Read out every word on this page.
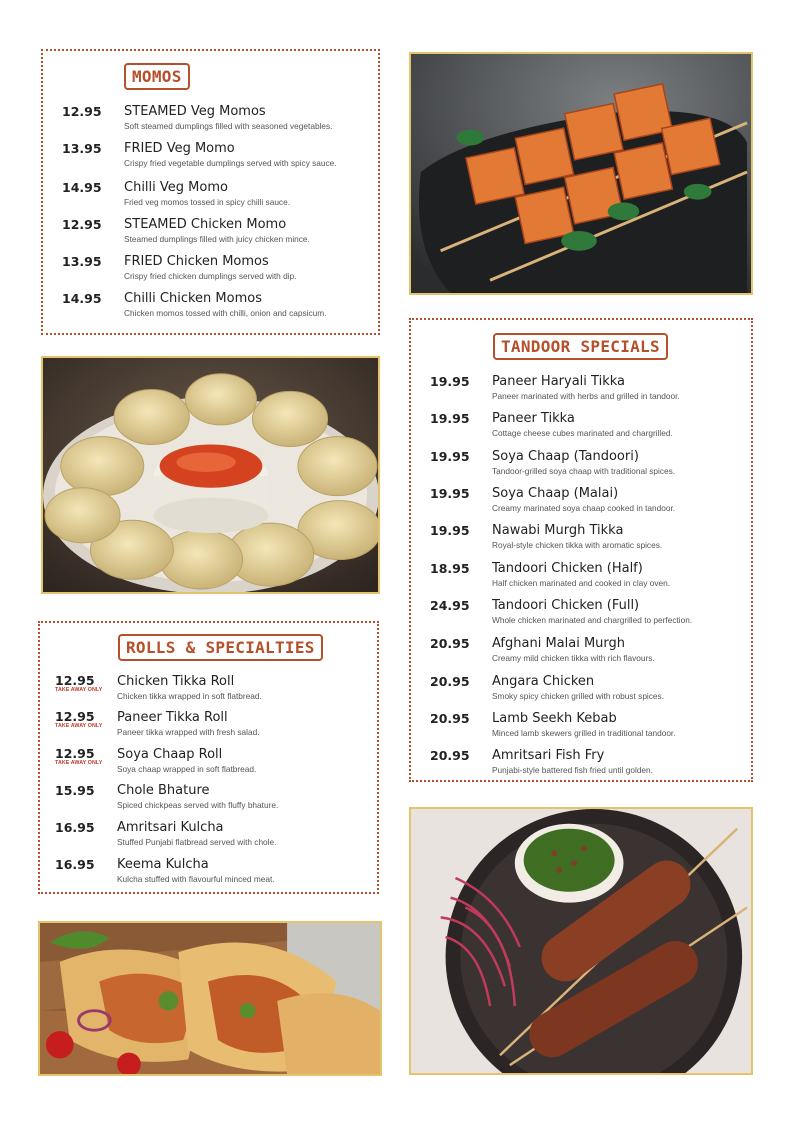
MOMOS
12.95 STEAMED Veg Momos
Soft steamed dumplings filled with seasoned vegetables.
13.95 FRIED Veg Momo
Crispy fried vegetable dumplings served with spicy sauce.
14.95 Chilli Veg Momo
Fried veg momos tossed in spicy chilli sauce.
12.95 STEAMED Chicken Momo
Steamed dumplings filled with juicy chicken mince.
13.95 FRIED Chicken Momos
Crispy fried chicken dumplings served with dip.
14.95 Chilli Chicken Momos
Chicken momos tossed with chilli, onion and capsicum.
ROLLS & SPECIALTIES
12.95
TAKE AWAY ONLY
Chicken Tikka Roll
Chicken tikka wrapped in soft flatbread.
12.95
TAKE AWAY ONLY
Paneer Tikka Roll
Paneer tikka wrapped with fresh salad.
12.95
TAKE AWAY ONLY
Soya Chaap Roll
Soya chaap wrapped in soft flatbread.
15.95 Chole Bhature
Spiced chickpeas served with fluffy bhature.
16.95 Amritsari Kulcha
Stuffed Punjabi flatbread served with chole.
16.95 Keema Kulcha
Kulcha stuffed with flavourful minced meat.
TANDOOR SPECIALS
19.95 Paneer Haryali Tikka
Paneer marinated with herbs and grilled in tandoor.
19.95 Paneer Tikka
Cottage cheese cubes marinated and chargrilled.
19.95 Soya Chaap (Tandoori)
Tandoor-grilled soya chaap with traditional spices.
19.95 Soya Chaap (Malai)
Creamy marinated soya chaap cooked in tandoor.
19.95 Nawabi Murgh Tikka
Royal-style chicken tikka with aromatic spices.
18.95 Tandoori Chicken (Half)
Half chicken marinated and cooked in clay oven.
24.95 Tandoori Chicken (Full)
Whole chicken marinated and chargrilled to perfection.
20.95 Afghani Malai Murgh
Creamy mild chicken tikka with rich flavours.
20.95 Angara Chicken
Smoky spicy chicken grilled with robust spices.
20.95 Lamb Seekh Kebab
Minced lamb skewers grilled in traditional tandoor.
20.95 Amritsari Fish Fry
Punjabi-style battered fish fried until golden.
